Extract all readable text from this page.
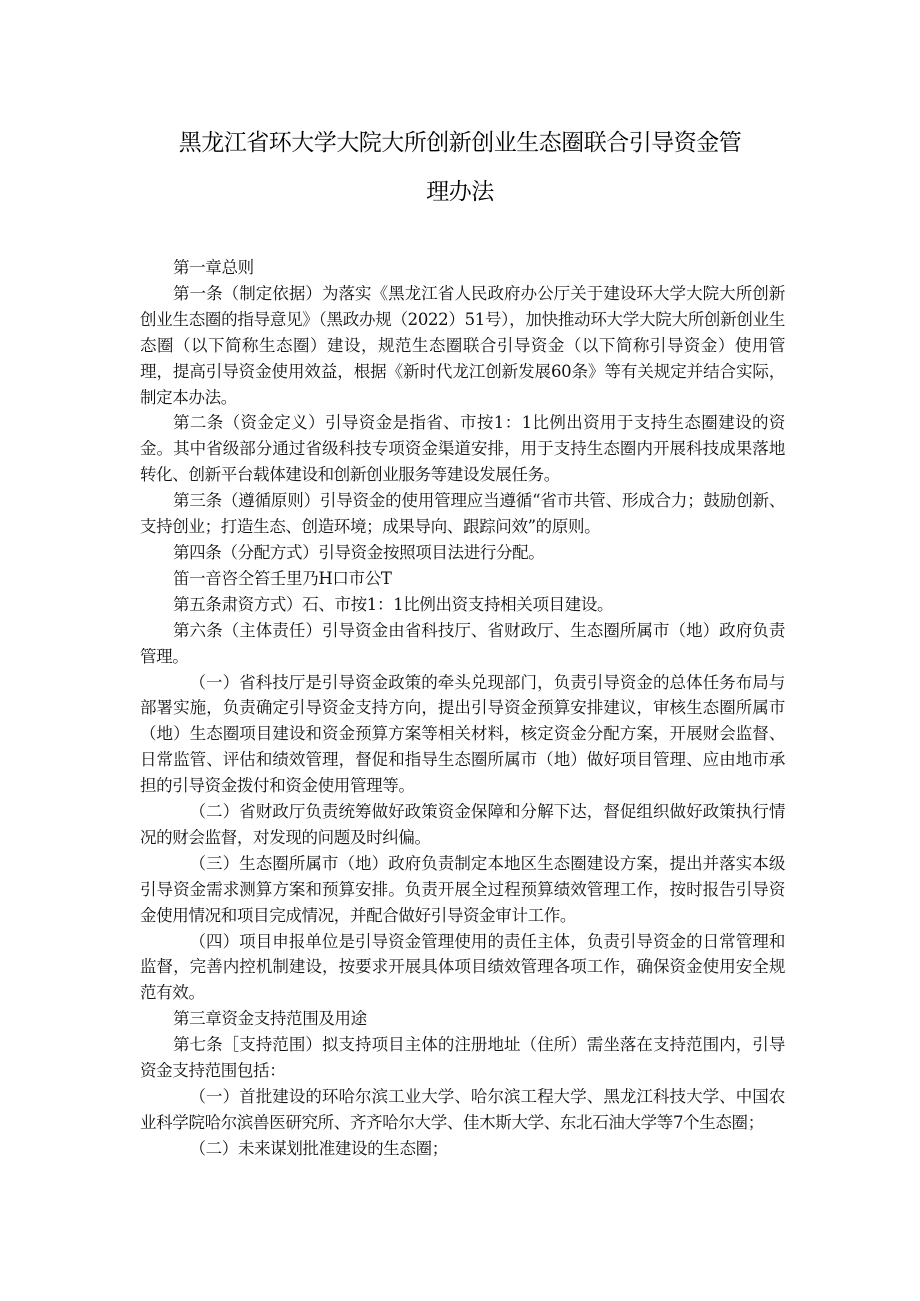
黑龙江省环大学大院大所创新创业生态圈联合引导资金管
理办法

第一章总则

第一条（制定依据）为落实《黑龙江省人民政府办公厅关于建设环大学大院大所创新创业生态圈的指导意见》（黑政办规（2022）51号），加快推动环大学大院大所创新创业生态圈（以下简称生态圈）建设，规范生态圈联合引导资金（以下简称引导资金）使用管理，提高引导资金使用效益，根据《新时代龙江创新发展60条》等有关规定并结合实际，制定本办法。

第二条（资金定义）引导资金是指省、市按1：1比例出资用于支持生态圈建设的资金。其中省级部分通过省级科技专项资金渠道安排，用于支持生态圈内开展科技成果落地转化、创新平台载体建设和创新创业服务等建设发展任务。

第三条（遵循原则）引导资金的使用管理应当遵循“省市共管、形成合力；鼓励创新、支持创业；打造生态、创造环境；成果导向、跟踪问效”的原则。

第四条（分配方式）引导资金按照项目法进行分配。

笛一音咨仝笞壬里乃H口市公T

第五条肃资方式）石、市按1：1比例出资支持相关项目建设。

第六条（主体责任）引导资金由省科技厅、省财政厅、生态圈所属市（地）政府负责管理。

（一）省科技厅是引导资金政策的牵头兑现部门，负责引导资金的总体任务布局与部署实施，负责确定引导资金支持方向，提出引导资金预算安排建议，审核生态圈所属市（地）生态圈项目建设和资金预算方案等相关材料，核定资金分配方案，开展财会监督、日常监管、评估和绩效管理，督促和指导生态圈所属市（地）做好项目管理、应由地市承担的引导资金拨付和资金使用管理等。

（二）省财政厅负责统筹做好政策资金保障和分解下达，督促组织做好政策执行情况的财会监督，对发现的问题及时纠偏。

（三）生态圈所属市（地）政府负责制定本地区生态圈建设方案，提出并落实本级引导资金需求测算方案和预算安排。负责开展全过程预算绩效管理工作，按时报告引导资金使用情况和项目完成情况，并配合做好引导资金审计工作。

（四）项目申报单位是引导资金管理使用的责任主体，负责引导资金的日常管理和监督，完善内控机制建设，按要求开展具体项目绩效管理各项工作，确保资金使用安全规范有效。

第三章资金支持范围及用途

第七条［支持范围）拟支持项目主体的注册地址（住所）需坐落在支持范围内，引导资金支持范围包括：

（一）首批建设的环哈尔滨工业大学、哈尔滨工程大学、黑龙江科技大学、中国农业科学院哈尔滨兽医研究所、齐齐哈尔大学、佳木斯大学、东北石油大学等7个生态圈；

（二）未来谋划批准建设的生态圈；
